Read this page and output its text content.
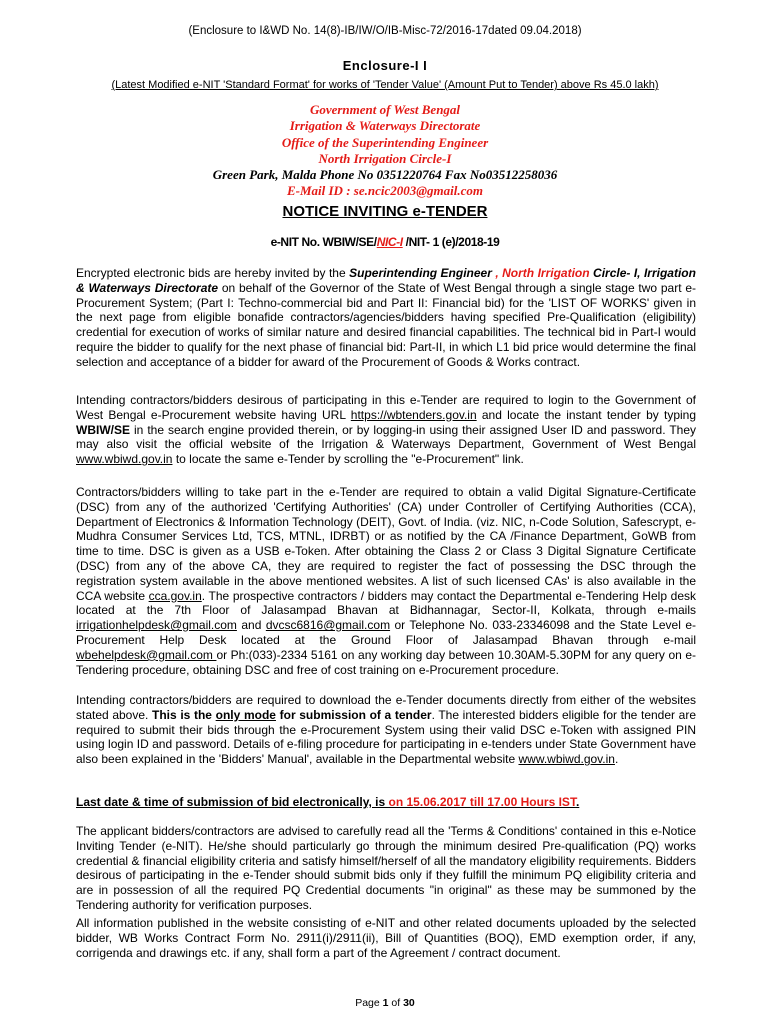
(Enclosure to I&WD No. 14(8)-IB/IW/O/IB-Misc-72/2016-17dated 09.04.2018)
Enclosure-I I
(Latest Modified e-NIT 'Standard Format' for works of 'Tender Value' (Amount Put to Tender) above Rs 45.0 lakh)
Government of West Bengal
Irrigation & Waterways Directorate
Office of the Superintending Engineer
North Irrigation Circle-I
Green Park, Malda Phone No 0351220764 Fax No03512258036
E-Mail ID : se.ncic2003@gmail.com
NOTICE INVITING e-TENDER
e-NIT No. WBIW/SE/NIC-I /NIT- 1 (e)/2018-19
Encrypted electronic bids are hereby invited by the Superintending Engineer , North Irrigation Circle- I, Irrigation & Waterways Directorate on behalf of the Governor of the State of West Bengal through a single stage two part e-Procurement System; (Part I: Techno-commercial bid and Part II: Financial bid) for the 'LIST OF WORKS' given in the next page from eligible bonafide contractors/agencies/bidders having specified Pre-Qualification (eligibility) credential for execution of works of similar nature and desired financial capabilities. The technical bid in Part-I would require the bidder to qualify for the next phase of financial bid: Part-II, in which L1 bid price would determine the final selection and acceptance of a bidder for award of the Procurement of Goods & Works contract.
Intending contractors/bidders desirous of participating in this e-Tender are required to login to the Government of West Bengal e-Procurement website having URL https://wbtenders.gov.in and locate the instant tender by typing WBIW/SE in the search engine provided therein, or by logging-in using their assigned User ID and password. They may also visit the official website of the Irrigation & Waterways Department, Government of West Bengal www.wbiwd.gov.in to locate the same e-Tender by scrolling the "e-Procurement" link.
Contractors/bidders willing to take part in the e-Tender are required to obtain a valid Digital Signature-Certificate (DSC) from any of the authorized 'Certifying Authorities' (CA) under Controller of Certifying Authorities (CCA), Department of Electronics & Information Technology (DEIT), Govt. of India. (viz. NIC, n-Code Solution, Safescrypt, e-Mudhra Consumer Services Ltd, TCS, MTNL, IDRBT) or as notified by the CA /Finance Department, GoWB from time to time. DSC is given as a USB e-Token. After obtaining the Class 2 or Class 3 Digital Signature Certificate (DSC) from any of the above CA, they are required to register the fact of possessing the DSC through the registration system available in the above mentioned websites. A list of such licensed CAs' is also available in the CCA website cca.gov.in. The prospective contractors / bidders may contact the Departmental e-Tendering Help desk located at the 7th Floor of Jalasampad Bhavan at Bidhannagar, Sector-II, Kolkata, through e-mails irrigationhelpdesk@gmail.com and dvcsc6816@gmail.com or Telephone No. 033-23346098 and the State Level e-Procurement Help Desk located at the Ground Floor of Jalasampad Bhavan through e-mail wbehelpdesk@gmail.com or Ph:(033)-2334 5161 on any working day between 10.30AM-5.30PM for any query on e-Tendering procedure, obtaining DSC and free of cost training on e-Procurement procedure.
Intending contractors/bidders are required to download the e-Tender documents directly from either of the websites stated above. This is the only mode for submission of a tender. The interested bidders eligible for the tender are required to submit their bids through the e-Procurement System using their valid DSC e-Token with assigned PIN using login ID and password. Details of e-filing procedure for participating in e-tenders under State Government have also been explained in the 'Bidders' Manual', available in the Departmental website www.wbiwd.gov.in.
Last date & time of submission of bid electronically, is on 15.06.2017 till 17.00 Hours IST.
The applicant bidders/contractors are advised to carefully read all the 'Terms & Conditions' contained in this e-Notice Inviting Tender (e-NIT). He/she should particularly go through the minimum desired Pre-qualification (PQ) works credential & financial eligibility criteria and satisfy himself/herself of all the mandatory eligibility requirements. Bidders desirous of participating in the e-Tender should submit bids only if they fulfill the minimum PQ eligibility criteria and are in possession of all the required PQ Credential documents "in original" as these may be summoned by the Tendering authority for verification purposes.
All information published in the website consisting of e-NIT and other related documents uploaded by the selected bidder, WB Works Contract Form No. 2911(i)/2911(ii), Bill of Quantities (BOQ), EMD exemption order, if any, corrigenda and drawings etc. if any, shall form a part of the Agreement / contract document.
Page 1 of 30
